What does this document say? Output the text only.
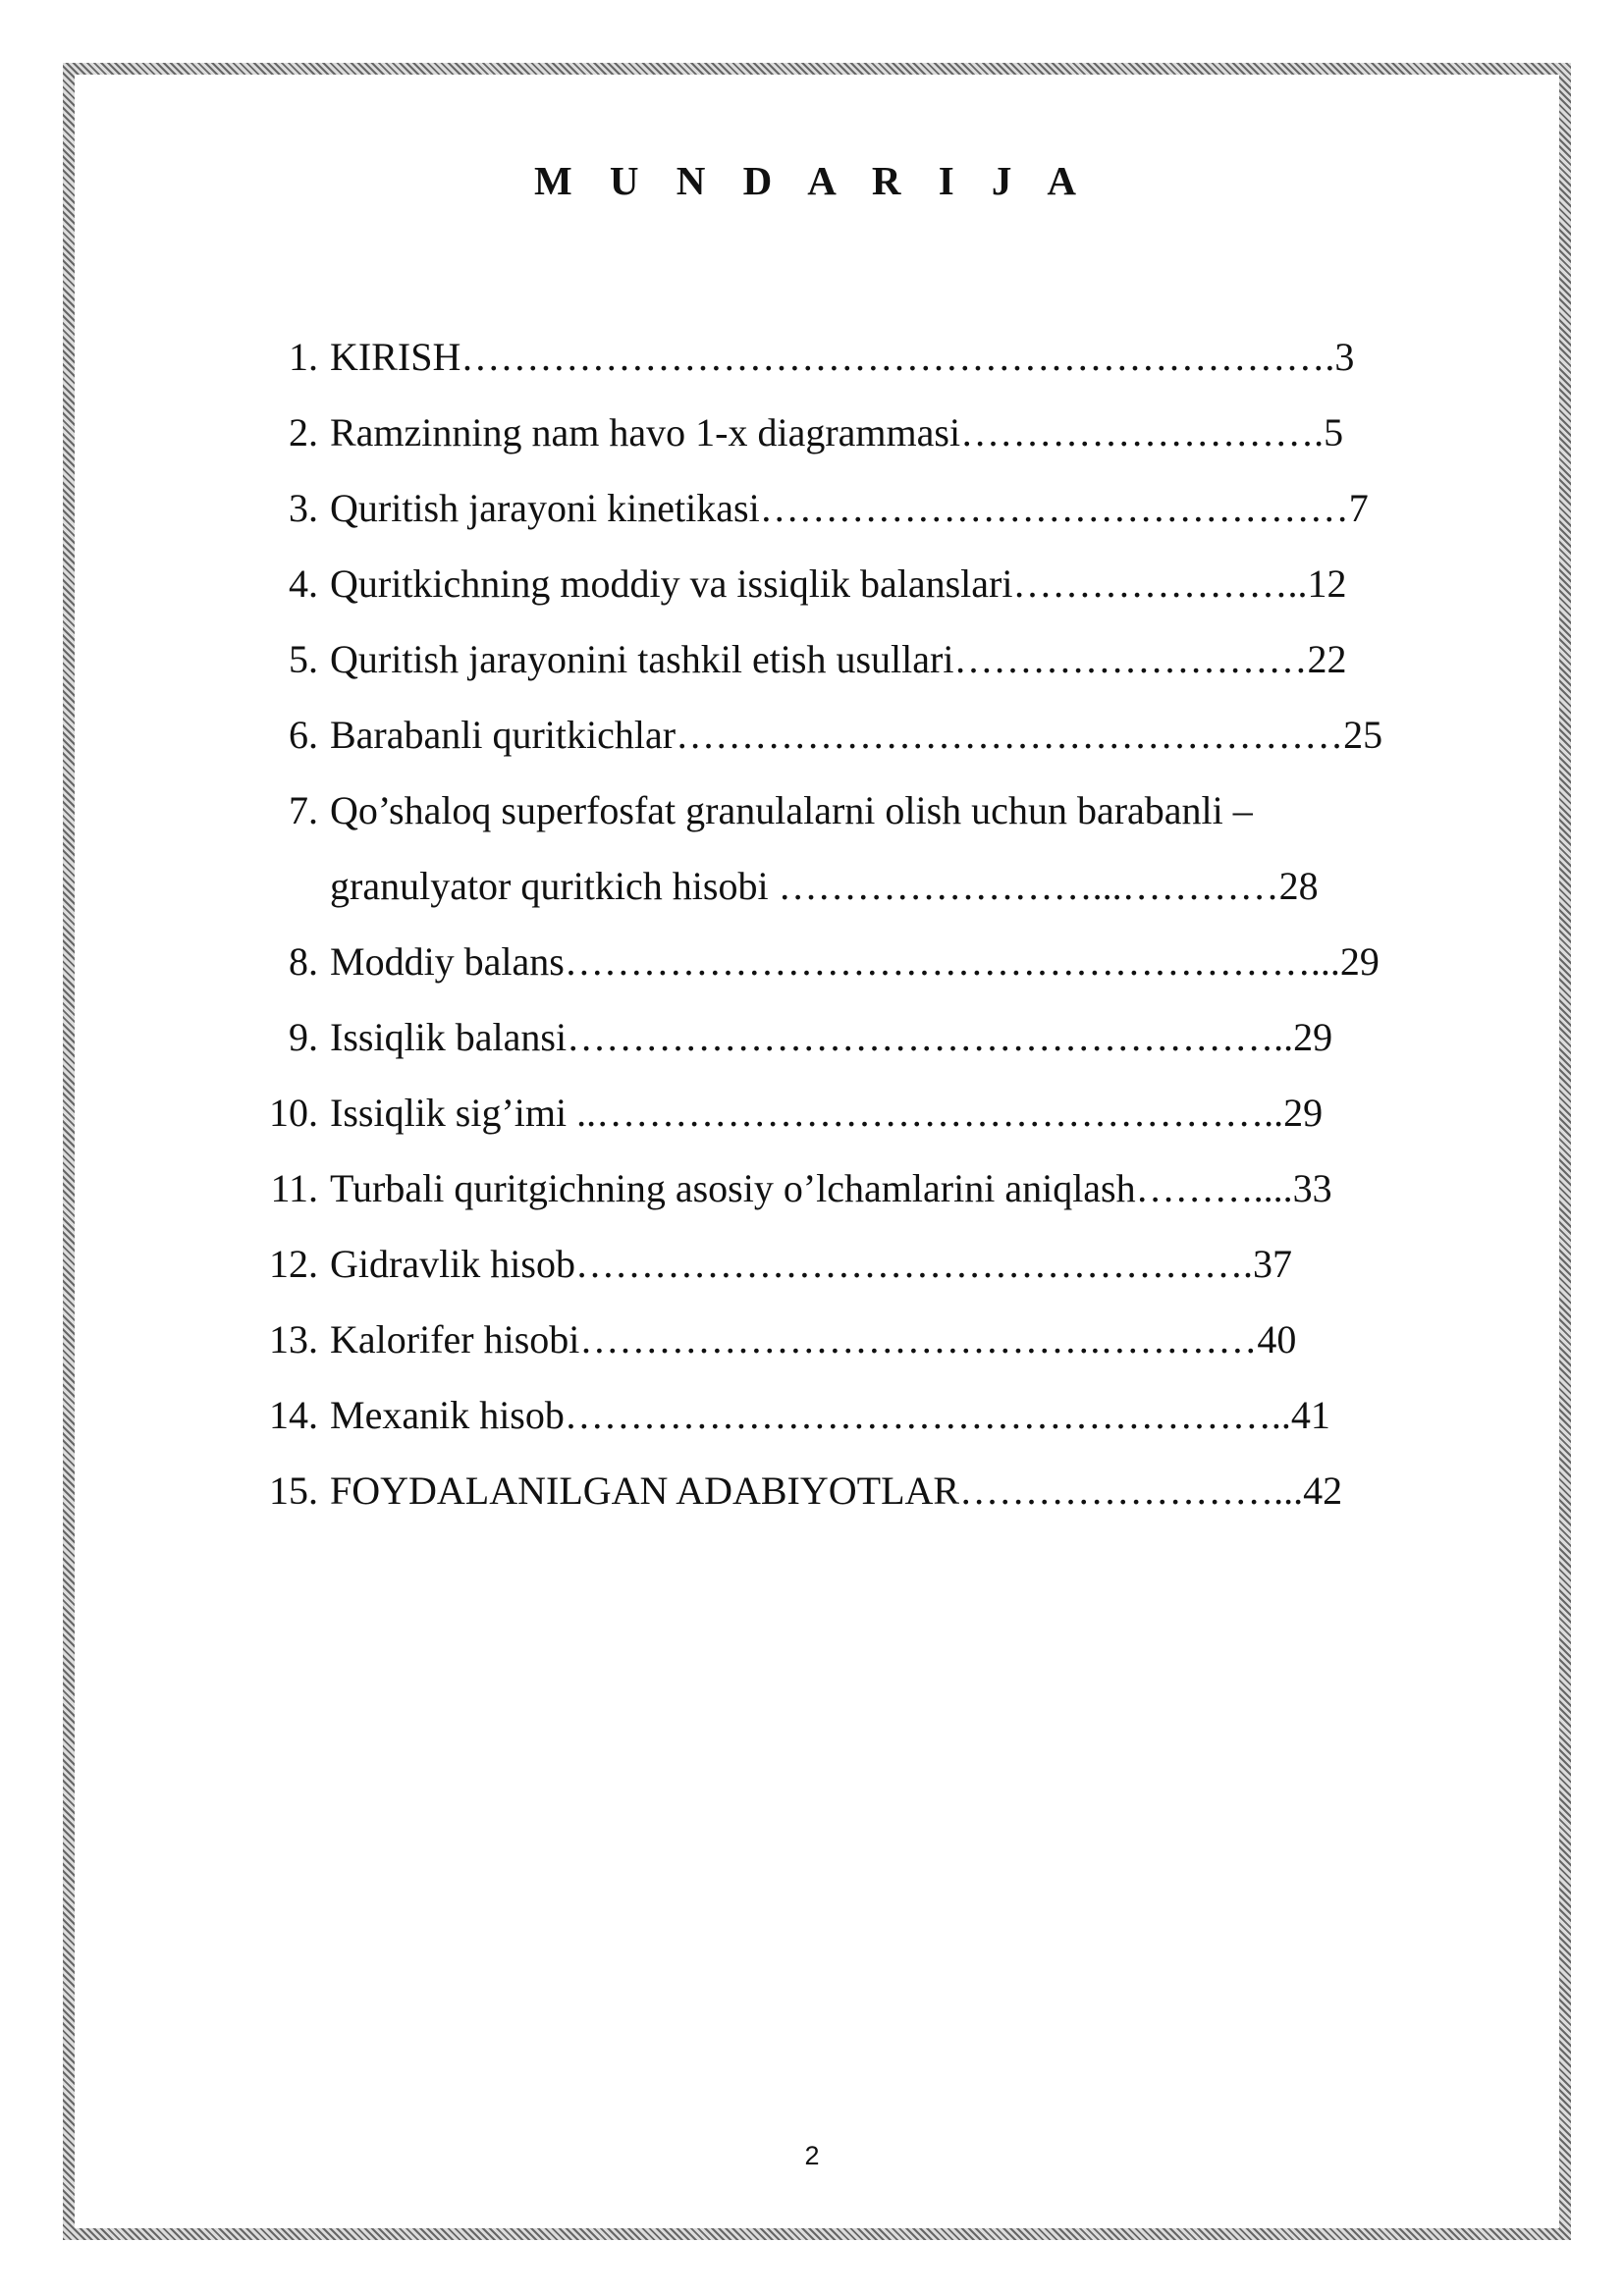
M U N D A R I J A
1. KIRISH………………………………………………………….3
2. Ramzinning nam havo 1-x diagrammasi……………………….5
3. Quritish jarayoni kinetikasi………………………………………7
4. Quritkichning moddiy va issiqlik balanslari…………………..12
5. Quritish jarayonini tashkil etish usullari………………………22
6. Barabanli quritkichlar……………………………………………25
7. Qo’shaloq superfosfat granulalarni olish uchun barabanli –
granulyator quritkich hisobi ……………………...…………28
8. Moddiy balans…………………………………………………...29
9. Issiqlik balansi………………………………………………..29
10. Issiqlik sig’imi ..……………………………………………..29
11. Turbali quritgichning asosiy o’lchamlarini aniqlash………....33
12. Gidravlik hisob…………………………………………….37
13. Kalorifer hisobi………………………………….…………40
14. Mexanik hisob………………………………………………..41
15. FOYDALANILGAN ADABIYOTLAR……………………...42
2
